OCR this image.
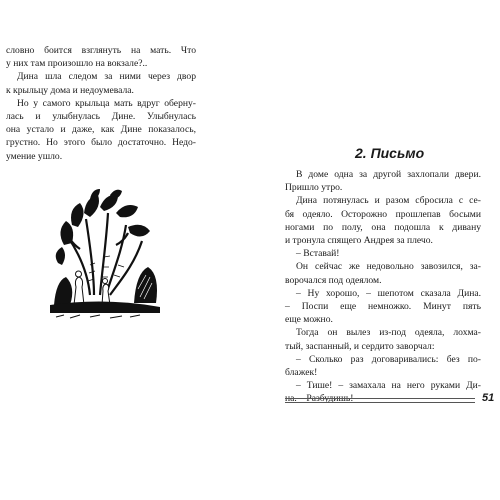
словно боится взглянуть на мать. Что
у них там произошло на вокзале?..
Дина шла следом за ними через двор
к крыльцу дома и недоумевала.
Но у самого крыльца мать вдруг оберну-
лась и улыбнулась Дине. Улыбнулась
она устало и даже, как Дине показалось,
грустно. Но этого было достаточно. Недо-
умение ушло.	2. Письмо
В доме одна за другой захлопали двери.
Пришло утро.
Дина потянулась и разом сбросила с се-
бя одеяло. Осторожно прошлепав босыми
ногами по полу, она подошла к дивану
и тронула спящего Андрея за плечо.
– Вставай!
Он сейчас же недовольно завозился, за-
ворочался под одеялом.
– Ну хорошо, – шепотом сказала Дина.
– Поспи еще немножко. Минут пять
еще можно.
Тогда он вылез из-под одеяла, лохма-
тый, заспанный, и сердито заворчал:
– Сколько раз договаривались: без по-
блажек!
– Тише! – замахала на него руками Ди-
на. – Разбудишь!	51
